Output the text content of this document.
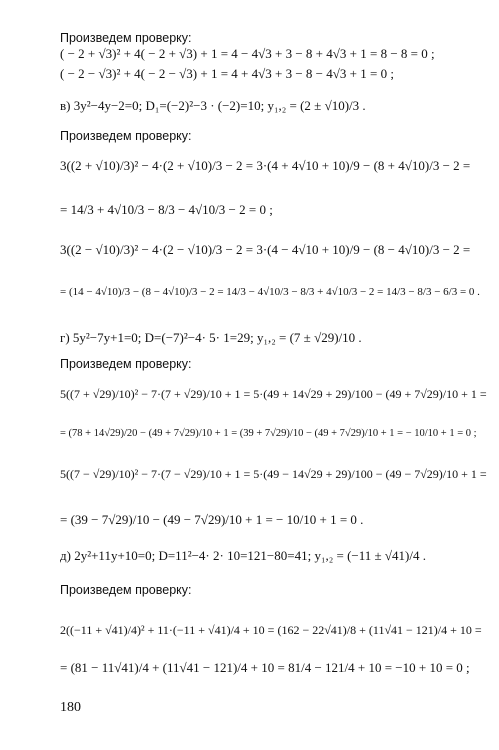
Произведем проверку:
( − 2 + √3)² + 4( − 2 + √3) + 1 = 4 − 4√3 + 3 − 8 + 4√3 + 1 = 8 − 8 = 0 ;
( − 2 − √3)² + 4( − 2 − √3) + 1 = 4 + 4√3 + 3 − 8 − 4√3 + 1 = 0 ;
в) 3y²−4y−2=0; D₁=(−2)²−3 · (−2)=10; y₁,₂ = (2 ± √10)/3 .
Произведем проверку:
3((2 + √10)/3)² − 4·(2 + √10)/3 − 2 = 3·(4 + 4√10 + 10)/9 − (8 + 4√10)/3 − 2 =
= 14/3 + 4√10/3 − 8/3 − 4√10/3 − 2 = 0 ;
3((2 − √10)/3)² − 4·(2 − √10)/3 − 2 = 3·(4 − 4√10 + 10)/9 − (8 − 4√10)/3 − 2 =
= (14 − 4√10)/3 − (8 − 4√10)/3 − 2 = 14/3 − 4√10/3 − 8/3 + 4√10/3 − 2 = 14/3 − 8/3 − 6/3 = 0 .
г) 5y²−7y+1=0; D=(−7)²−4· 5· 1=29; y₁,₂ = (7 ± √29)/10 .
Произведем проверку:
5((7 + √29)/10)² − 7·(7 + √29)/10 + 1 = 5·(49 + 14√29 + 29)/100 − (49 + 7√29)/10 + 1 =
= (78 + 14√29)/20 − (49 + 7√29)/10 + 1 = (39 + 7√29)/10 − (49 + 7√29)/10 + 1 = − 10/10 + 1 = 0 ;
5((7 − √29)/10)² − 7·(7 − √29)/10 + 1 = 5·(49 − 14√29 + 29)/100 − (49 − 7√29)/10 + 1 =
= (39 − 7√29)/10 − (49 − 7√29)/10 + 1 = − 10/10 + 1 = 0 .
д) 2y²+11y+10=0; D=11²−4· 2· 10=121−80=41; y₁,₂ = (−11 ± √41)/4 .
Произведем проверку:
2((−11 + √41)/4)² + 11·(−11 + √41)/4 + 10 = (162 − 22√41)/8 + (11√41 − 121)/4 + 10 =
= (81 − 11√41)/4 + (11√41 − 121)/4 + 10 = 81/4 − 121/4 + 10 = −10 + 10 = 0 ;
180
